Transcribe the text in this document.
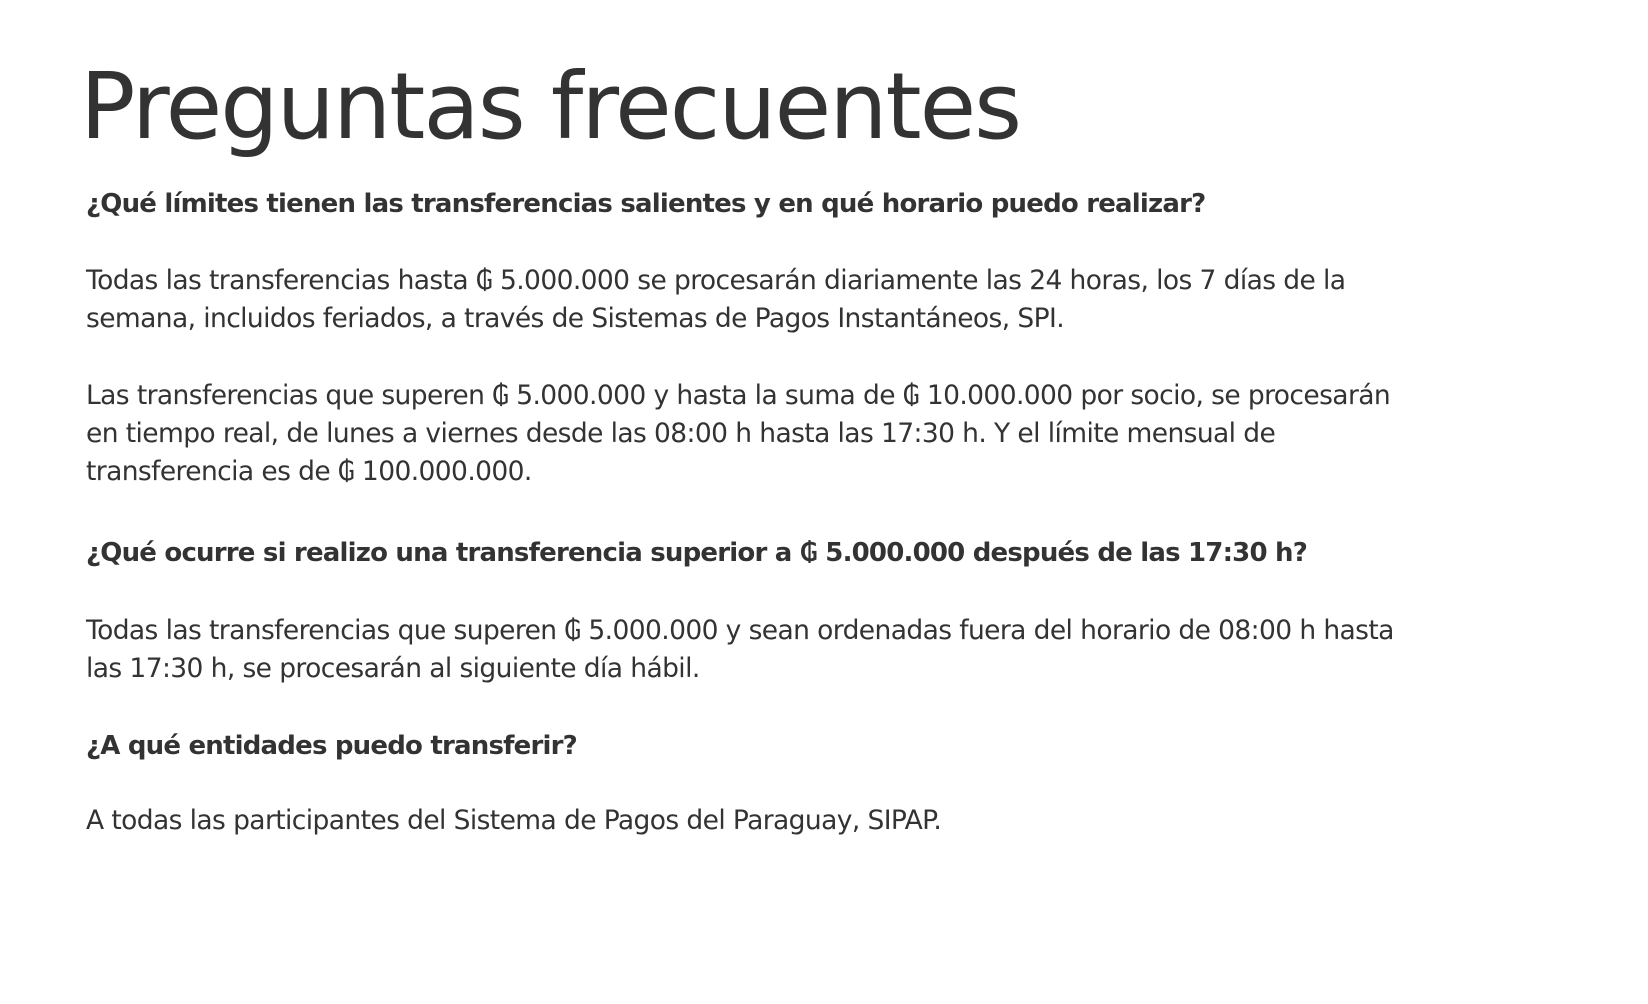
Preguntas frecuentes
¿Qué límites tienen las transferencias salientes y en qué horario puedo realizar?

Todas las transferencias hasta ₲ 5.000.000 se procesarán diariamente las 24 horas, los 7 días de la
semana, incluidos feriados, a través de Sistemas de Pagos Instantáneos, SPI.

Las transferencias que superen ₲ 5.000.000 y hasta la suma de ₲ 10.000.000 por socio, se procesarán
en tiempo real, de lunes a viernes desde las 08:00 h hasta las 17:30 h. Y el límite mensual de
transferencia es de ₲ 100.000.000.

¿Qué ocurre si realizo una transferencia superior a ₲ 5.000.000 después de las 17:30 h?

Todas las transferencias que superen ₲ 5.000.000 y sean ordenadas fuera del horario de 08:00 h hasta
las 17:30 h, se procesarán al siguiente día hábil.

¿A qué entidades puedo transferir?

A todas las participantes del Sistema de Pagos del Paraguay, SIPAP.
